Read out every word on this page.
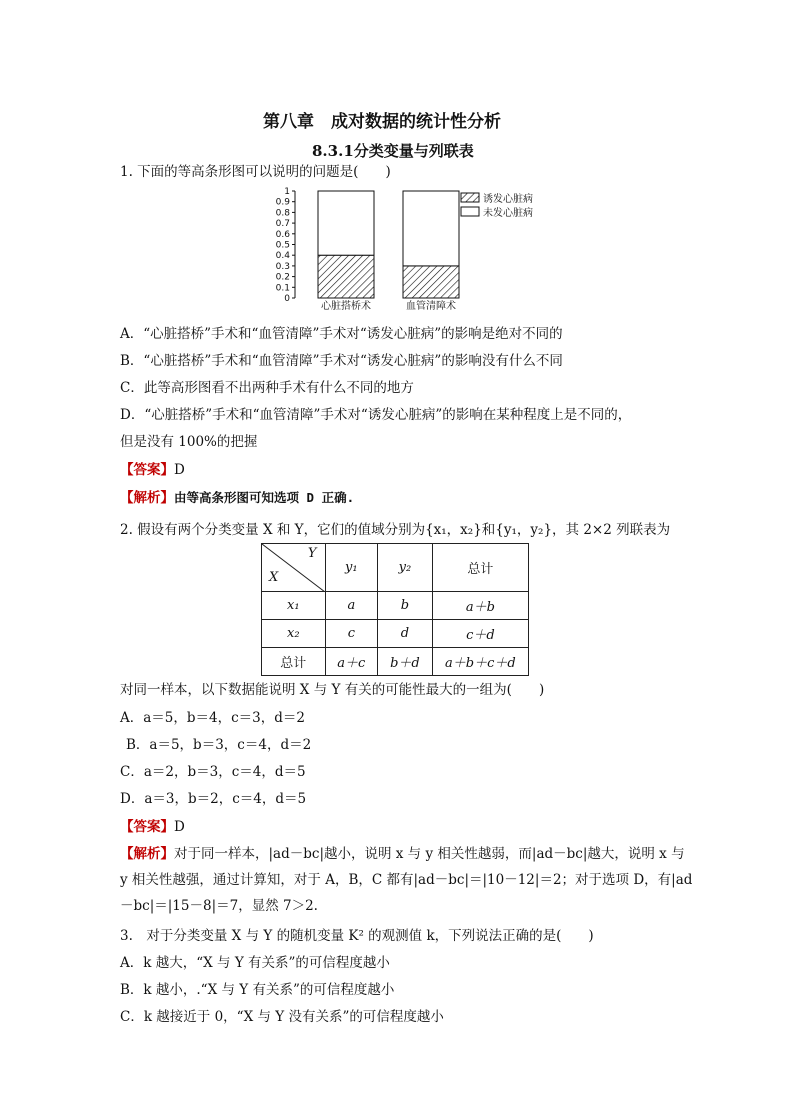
第八章　成对数据的统计性分析
8.3.1分类变量与列联表
1. 下面的等高条形图可以说明的问题是(　　)
0
0.1
0.2
0.3
0.4
0.5
0.6
0.7
0.8
0.9
1
心脏搭桥术	血管清障术
诱发心脏病
未发心脏病
A．“心脏搭桥”手术和“血管清障”手术对“诱发心脏病”的影响是绝对不同的
B．“心脏搭桥”手术和“血管清障”手术对“诱发心脏病”的影响没有什么不同
C．此等高形图看不出两种手术有什么不同的地方
D．“心脏搭桥”手术和“血管清障”手术对“诱发心脏病”的影响在某种程度上是不同的，
但是没有 100%的把握
【答案】D
【解析】由等高条形图可知选项 D 正确.
2. 假设有两个分类变量 X 和 Y，它们的值域分别为{x₁，x₂}和{y₁，y₂}，其 2×2 列联表为
Y
X	y₁	y₂	总计
x₁	a	b	a＋b
x₂	c	d	c＋d
总计	a＋c	b＋d	a＋b＋c＋d
对同一样本，以下数据能说明 X 与 Y 有关的可能性最大的一组为(　　)
A．a＝5，b＝4，c＝3，d＝2
B．a＝5，b＝3，c＝4，d＝2
C．a＝2，b＝3，c＝4，d＝5
D．a＝3，b＝2，c＝4，d＝5
【答案】D
【解析】对于同一样本，|ad－bc|越小，说明 x 与 y 相关性越弱，而|ad－bc|越大，说明 x 与
y 相关性越强，通过计算知，对于 A，B，C 都有|ad－bc|＝|10－12|＝2；对于选项 D，有|ad
－bc|＝|15－8|＝7，显然 7＞2.
3.　对于分类变量 X 与 Y 的随机变量 K² 的观测值 k，下列说法正确的是(　　)
A．k 越大，“X 与 Y 有关系”的可信程度越小
B．k 越小，.“X 与 Y 有关系”的可信程度越小
C．k 越接近于 0，“X 与 Y 没有关系”的可信程度越小
